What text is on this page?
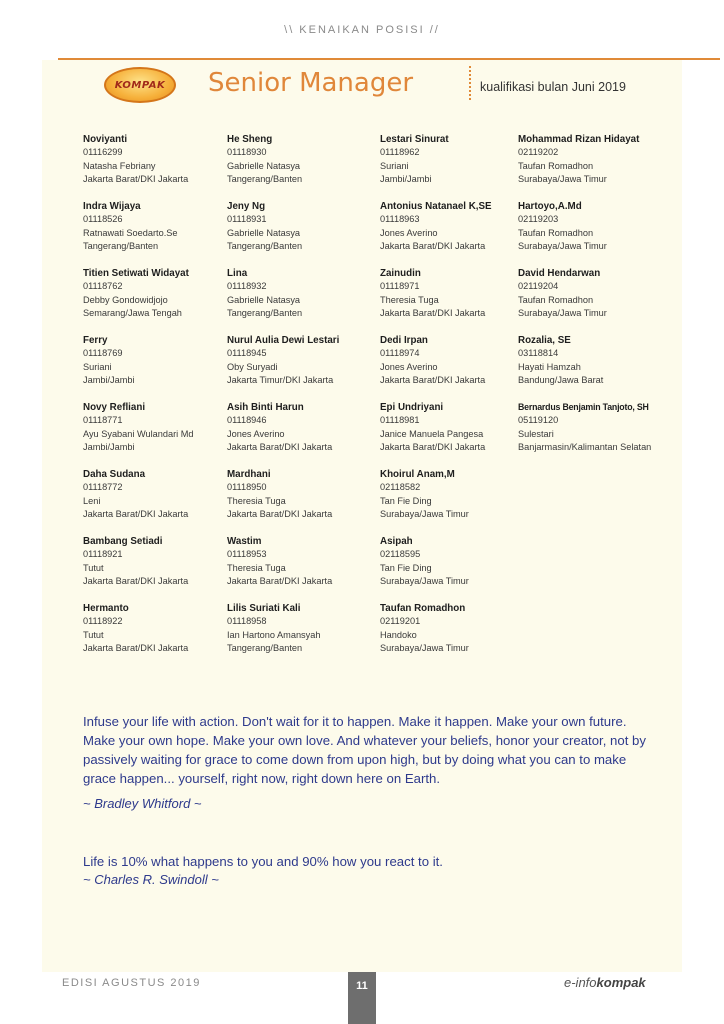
\\ KENAIKAN POSISI //
KOMPAK Senior Manager	kualifikasi bulan Juni 2019
Noviyanti
01116299
Natasha Febriany
Jakarta Barat/DKI Jakarta
Indra Wijaya
01118526
Ratnawati Soedarto.Se
Tangerang/Banten
Titien Setiwati Widayat
01118762
Debby Gondowidjojo
Semarang/Jawa Tengah
Ferry
01118769
Suriani
Jambi/Jambi
Novy Refliani
01118771
Ayu Syabani Wulandari Md
Jambi/Jambi
Daha Sudana
01118772
Leni
Jakarta Barat/DKI Jakarta
Bambang Setiadi
01118921
Tutut
Jakarta Barat/DKI Jakarta
Hermanto
01118922
Tutut
Jakarta Barat/DKI Jakarta
He Sheng
01118930
Gabrielle Natasya
Tangerang/Banten
Jeny Ng
01118931
Gabrielle Natasya
Tangerang/Banten
Lina
01118932
Gabrielle Natasya
Tangerang/Banten
Nurul Aulia Dewi Lestari
01118945
Oby Suryadi
Jakarta Timur/DKI Jakarta
Asih Binti Harun
01118946
Jones Averino
Jakarta Barat/DKI Jakarta
Mardhani
01118950
Theresia Tuga
Jakarta Barat/DKI Jakarta
Wastim
01118953
Theresia Tuga
Jakarta Barat/DKI Jakarta
Lilis Suriati Kali
01118958
Ian Hartono Amansyah
Tangerang/Banten
Lestari Sinurat
01118962
Suriani
Jambi/Jambi
Antonius Natanael K,SE
01118963
Jones Averino
Jakarta Barat/DKI Jakarta
Zainudin
01118971
Theresia Tuga
Jakarta Barat/DKI Jakarta
Dedi Irpan
01118974
Jones Averino
Jakarta Barat/DKI Jakarta
Epi Undriyani
01118981
Janice Manuela Pangesa
Jakarta Barat/DKI Jakarta
Khoirul Anam,M
02118582
Tan Fie Ding
Surabaya/Jawa Timur
Asipah
02118595
Tan Fie Ding
Surabaya/Jawa Timur
Taufan Romadhon
02119201
Handoko
Surabaya/Jawa Timur
Mohammad Rizan Hidayat
02119202
Taufan Romadhon
Surabaya/Jawa Timur
Hartoyo,A.Md
02119203
Taufan Romadhon
Surabaya/Jawa Timur
David Hendarwan
02119204
Taufan Romadhon
Surabaya/Jawa Timur
Rozalia, SE
03118814
Hayati Hamzah
Bandung/Jawa Barat
Bernardus Benjamin Tanjoto, SH
05119120
Sulestari
Banjarmasin/Kalimantan Selatan
Infuse your life with action. Don't wait for it to happen. Make it happen. Make your own future. Make your own hope. Make your own love. And whatever your beliefs, honor your creator, not by passively waiting for grace to come down from upon high, but by doing what you can to make grace happen... yourself, right now, right down here on Earth.
~ Bradley Whitford ~
Life is 10% what happens to you and 90% how you react to it.
~ Charles R. Swindoll ~
EDISI AGUSTUS 2019	11	e-infokompak
